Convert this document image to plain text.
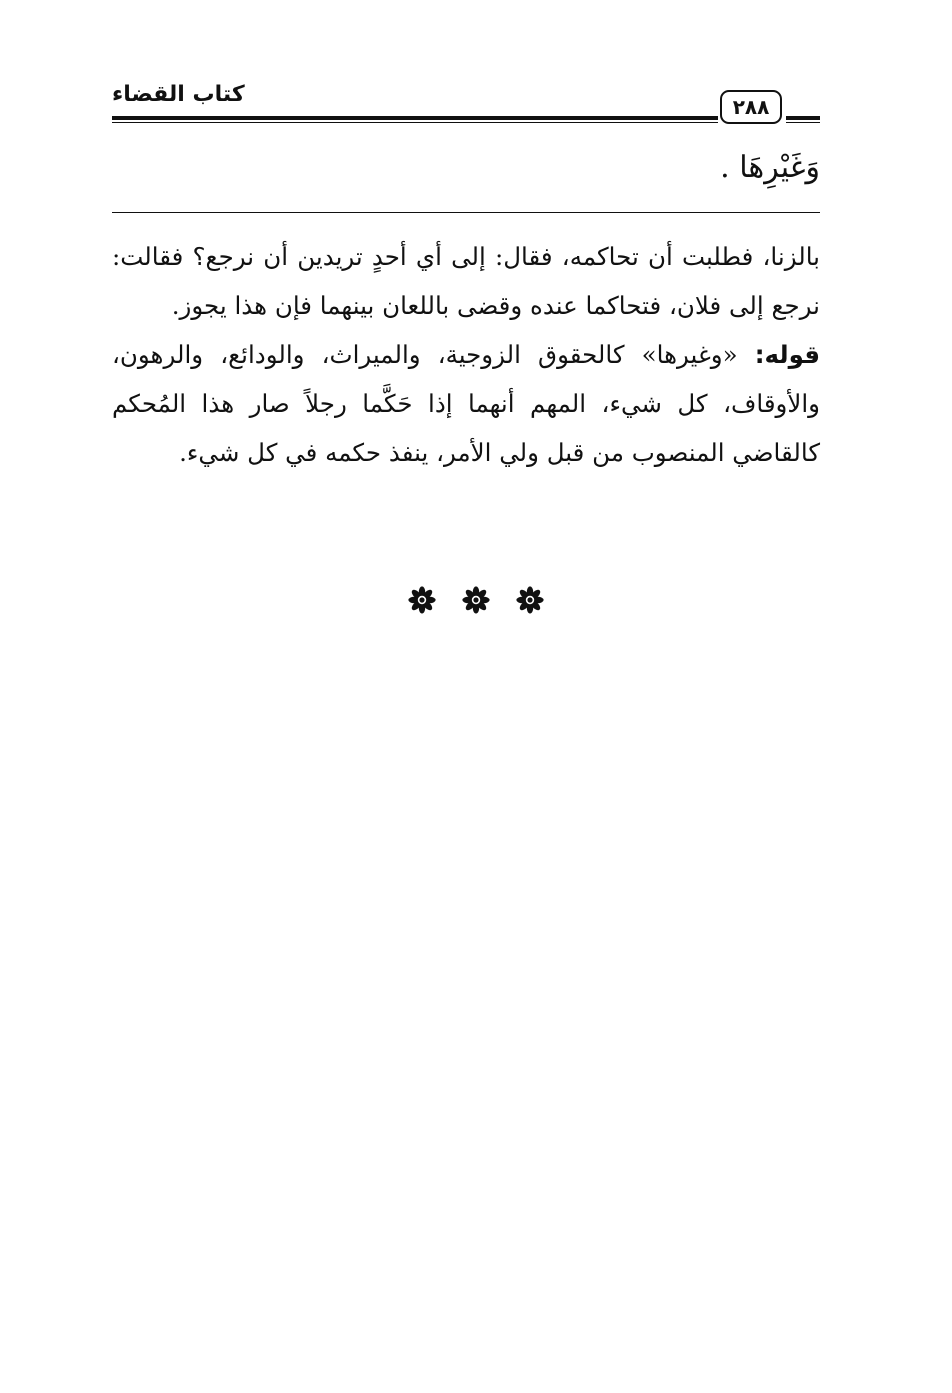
كتاب القضاء	٢٨٨
وَغَيْرِهَا .

بالزنا، فطلبت أن تحاكمه، فقال: إلى أي أحدٍ تريدين أن نرجع؟ فقالت: نرجع إلى فلان، فتحاكما عنده وقضى باللعان بينهما فإن هذا يجوز.

قوله: «وغيرها» كالحقوق الزوجية، والميراث، والودائع، والرهون، والأوقاف، كل شيء، المهم أنهما إذا حَكَّما رجلاً صار هذا المُحكم كالقاضي المنصوب من قبل ولي الأمر، ينفذ حكمه في كل شيء.
